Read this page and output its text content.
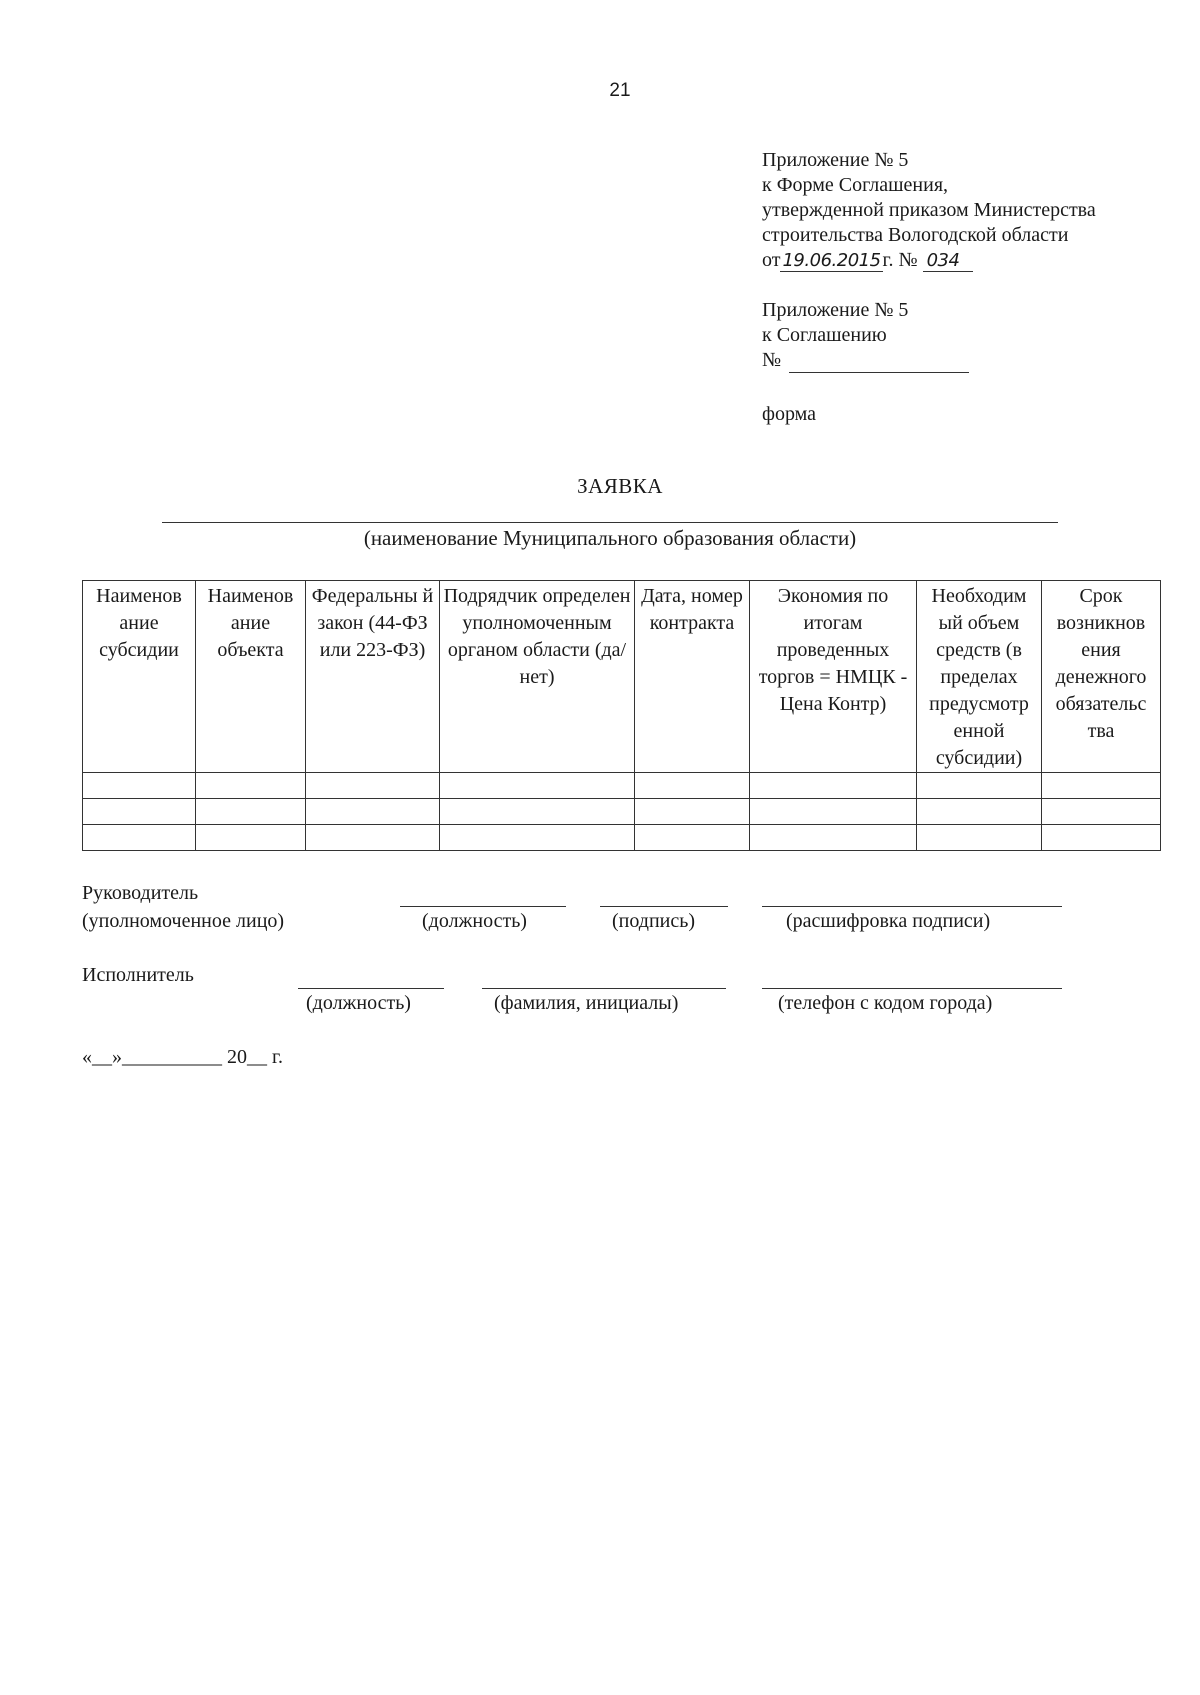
21
Приложение № 5
к Форме Соглашения,
утвержденной приказом Министерства
строительства Вологодской области
от 19.06.2015 г. № 034
Приложение № 5
к Соглашению
№
форма
ЗАЯВКА
(наименование Муниципального образования области)
Наименов ание субсидии	Наименов ание объекта	Федеральны й закон (44-ФЗ или 223-ФЗ)	Подрядчик определен уполномоченным органом области (да/нет)	Дата, номер контракта	Экономия по итогам проведенных торгов = НМЦК - Цена Контр)	Необходим ый объем средств (в пределах предусмотр енной субсидии)	Срок возникнов ения денежного обязательс тва

Руководитель
(уполномоченное лицо)	(должность)	(подпись)	(расшифровка подписи)
Исполнитель
(должность)	(фамилия, инициалы)	(телефон с кодом города)
«__»__________ 20__ г.
